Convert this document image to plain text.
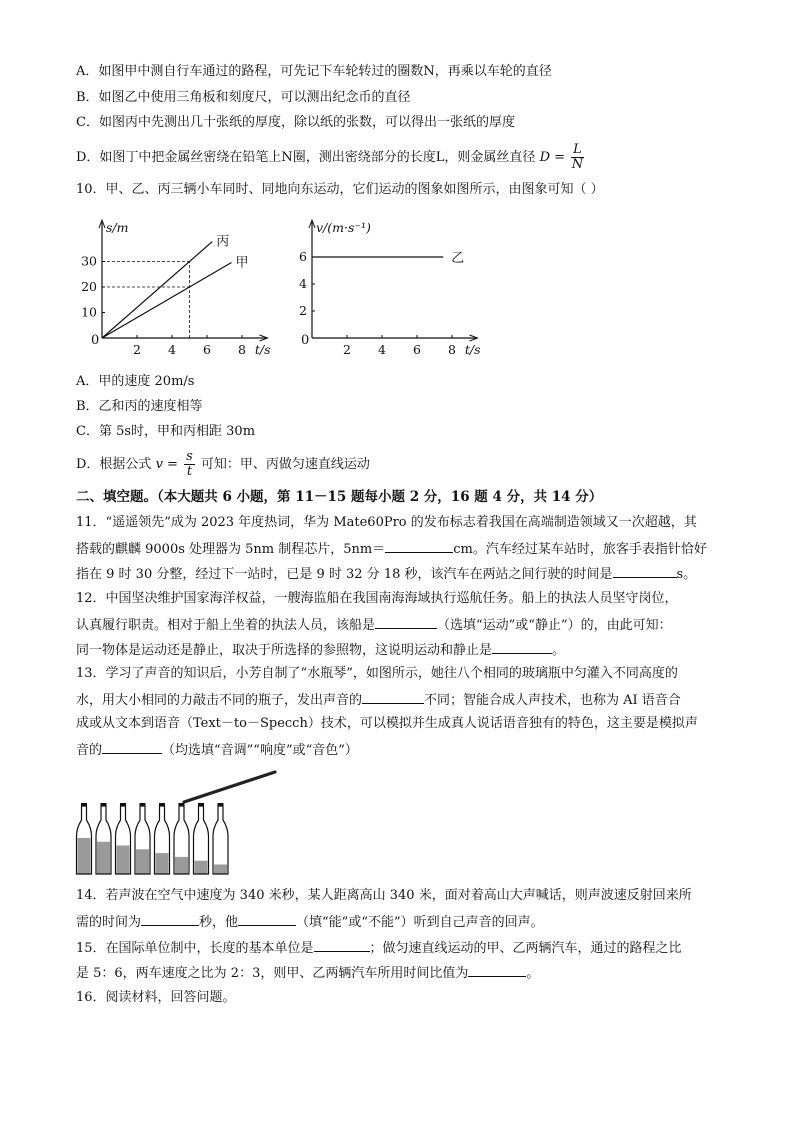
A．如图甲中测自行车通过的路程，可先记下车轮转过的圈数N，再乘以车轮的直径
B．如图乙中使用三角板和刻度尺，可以测出纪念币的直径
C．如图丙中先测出几十张纸的厚度，除以纸的张数，可以得出一张纸的厚度
D．如图丁中把金属丝密绕在铅笔上N圈，测出密绕部分的长度L，则金属丝直径 $D = \frac{L}{N}$
10．甲、乙、丙三辆小车同时、同地向东运动，它们运动的图象如图所示，由图象可知（ ）
0
2 4 6 8 t/s
10
20
30
s/m
丙
甲
0
2 4 6 8 t/s
2
4
6
v/(m·s⁻¹)
乙
A．甲的速度 20m/s
B．乙和丙的速度相等
C．第 5s时，甲和丙相距 30m
D．根据公式 $v = \frac{s}{t}$ 可知：甲、丙做匀速直线运动
二、填空题。（本大题共 6 小题，第 11－15 题每小题 2 分，16 题 4 分，共 14 分）
11．“遥遥领先”成为 2023 年度热词，华为 Mate60Pro 的发布标志着我国在高端制造领域又一次超越，其
搭载的麒麟 9000s 处理器为 5nm 制程芯片，5nm＝	cm。汽车经过某车站时，旅客手表指针恰好
指在 9 时 30 分整，经过下一站时，已是 9 时 32 分 18 秒，该汽车在两站之间行驶的时间是	s。
12．中国坚决维护国家海洋权益，一艘海监船在我国南海海域执行巡航任务。船上的执法人员坚守岗位，
认真履行职责。相对于船上坐着的执法人员，该船是	（选填“运动”或“静止”）的，由此可知：
同一物体是运动还是静止，取决于所选择的参照物，这说明运动和静止是	。
13．学习了声音的知识后，小芳自制了“水瓶琴”，如图所示，她往八个相同的玻璃瓶中匀灌入不同高度的
水，用大小相同的力敲击不同的瓶子，发出声音的	不同；智能合成人声技术，也称为 AI 语音合
成或从文本到语音（Text－to－Specch）技术，可以模拟并生成真人说话语音独有的特色，这主要是模拟声
音的	（均选填“音调”“响度”或“音色”）
14．若声波在空气中速度为 340 米秒，某人距离高山 340 米，面对着高山大声喊话，则声波速反射回来所
需的时间为	秒，他	（填“能”或“不能”）听到自己声音的回声。
15．在国际单位制中，长度的基本单位是	；做匀速直线运动的甲、乙两辆汽车，通过的路程之比
是 5：6，两车速度之比为 2：3，则甲、乙两辆汽车所用时间比值为	。
16．阅读材料，回答问题。
